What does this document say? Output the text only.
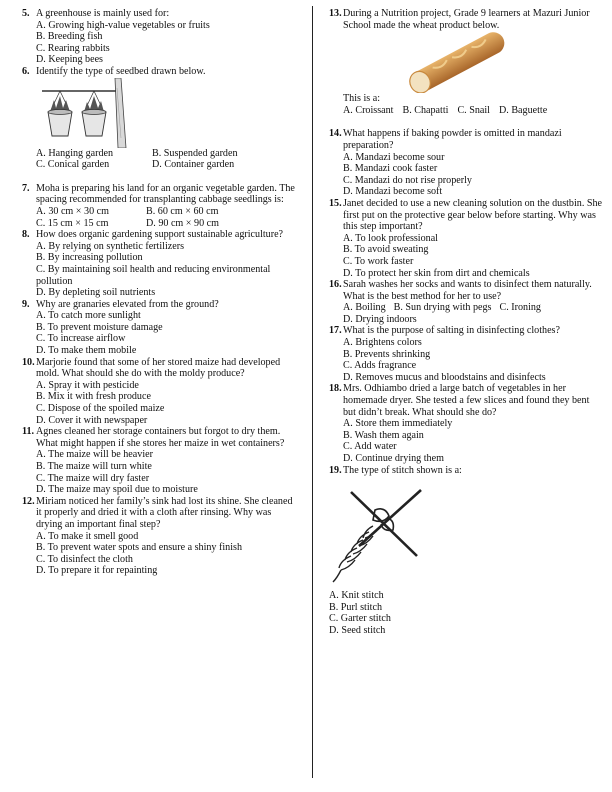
5. A greenhouse is mainly used for:
A. Growing high-value vegetables or fruits
B. Breeding fish
C. Rearing rabbits
D. Keeping bees
6. Identify the type of seedbed drawn below.
A. Hanging garden	B. Suspended garden
C. Conical garden	D. Container garden
7. Moha is preparing his land for an organic vegetable garden. The spacing recommended for transplanting cabbage seedlings is:
A. 30 cm × 30 cm	B. 60 cm × 60 cm
C. 15 cm × 15 cm	D. 90 cm × 90 cm
8. How does organic gardening support sustainable agriculture?
A. By relying on synthetic fertilizers
B. By increasing pollution
C. By maintaining soil health and reducing environmental pollution
D. By depleting soil nutrients
9. Why are granaries elevated from the ground?
A. To catch more sunlight
B. To prevent moisture damage
C. To increase airflow
D. To make them mobile
10. Marjorie found that some of her stored maize had developed mold. What should she do with the moldy produce?
A. Spray it with pesticide
B. Mix it with fresh produce
C. Dispose of the spoiled maize
D. Cover it with newspaper
11. Agnes cleaned her storage containers but forgot to dry them. What might happen if she stores her maize in wet containers?
A. The maize will be heavier
B. The maize will turn white
C. The maize will dry faster
D. The maize may spoil due to moisture
12. Miriam noticed her family’s sink had lost its shine. She cleaned it properly and dried it with a cloth after rinsing. Why was drying an important final step?
A. To make it smell good
B. To prevent water spots and ensure a shiny finish
C. To disinfect the cloth
D. To prepare it for repainting
13. During a Nutrition project, Grade 9 learners at Mazuri Junior School made the wheat product below.
This is a:
A. Croissant B. Chapatti C. Snail D. Baguette
14. What happens if baking powder is omitted in mandazi preparation?
A. Mandazi become sour
B. Mandazi cook faster
C. Mandazi do not rise properly
D. Mandazi become soft
15. Janet decided to use a new cleaning solution on the dustbin. She first put on the protective gear below before starting. Why was this step important?
A. To look professional
B. To avoid sweating
C. To work faster
D. To protect her skin from dirt and chemicals
16. Sarah washes her socks and wants to disinfect them naturally. What is the best method for her to use?
A. Boiling B. Sun drying with pegs C. Ironing
D. Drying indoors
17. What is the purpose of salting in disinfecting clothes?
A. Brightens colors
B. Prevents shrinking
C. Adds fragrance
D. Removes mucus and bloodstains and disinfects
18. Mrs. Odhiambo dried a large batch of vegetables in her homemade dryer. She tested a few slices and found they bent but didn’t break. What should she do?
A. Store them immediately
B. Wash them again
C. Add water
D. Continue drying them
19. The type of stitch shown is a:
A. Knit stitch
B. Purl stitch
C. Garter stitch
D. Seed stitch
